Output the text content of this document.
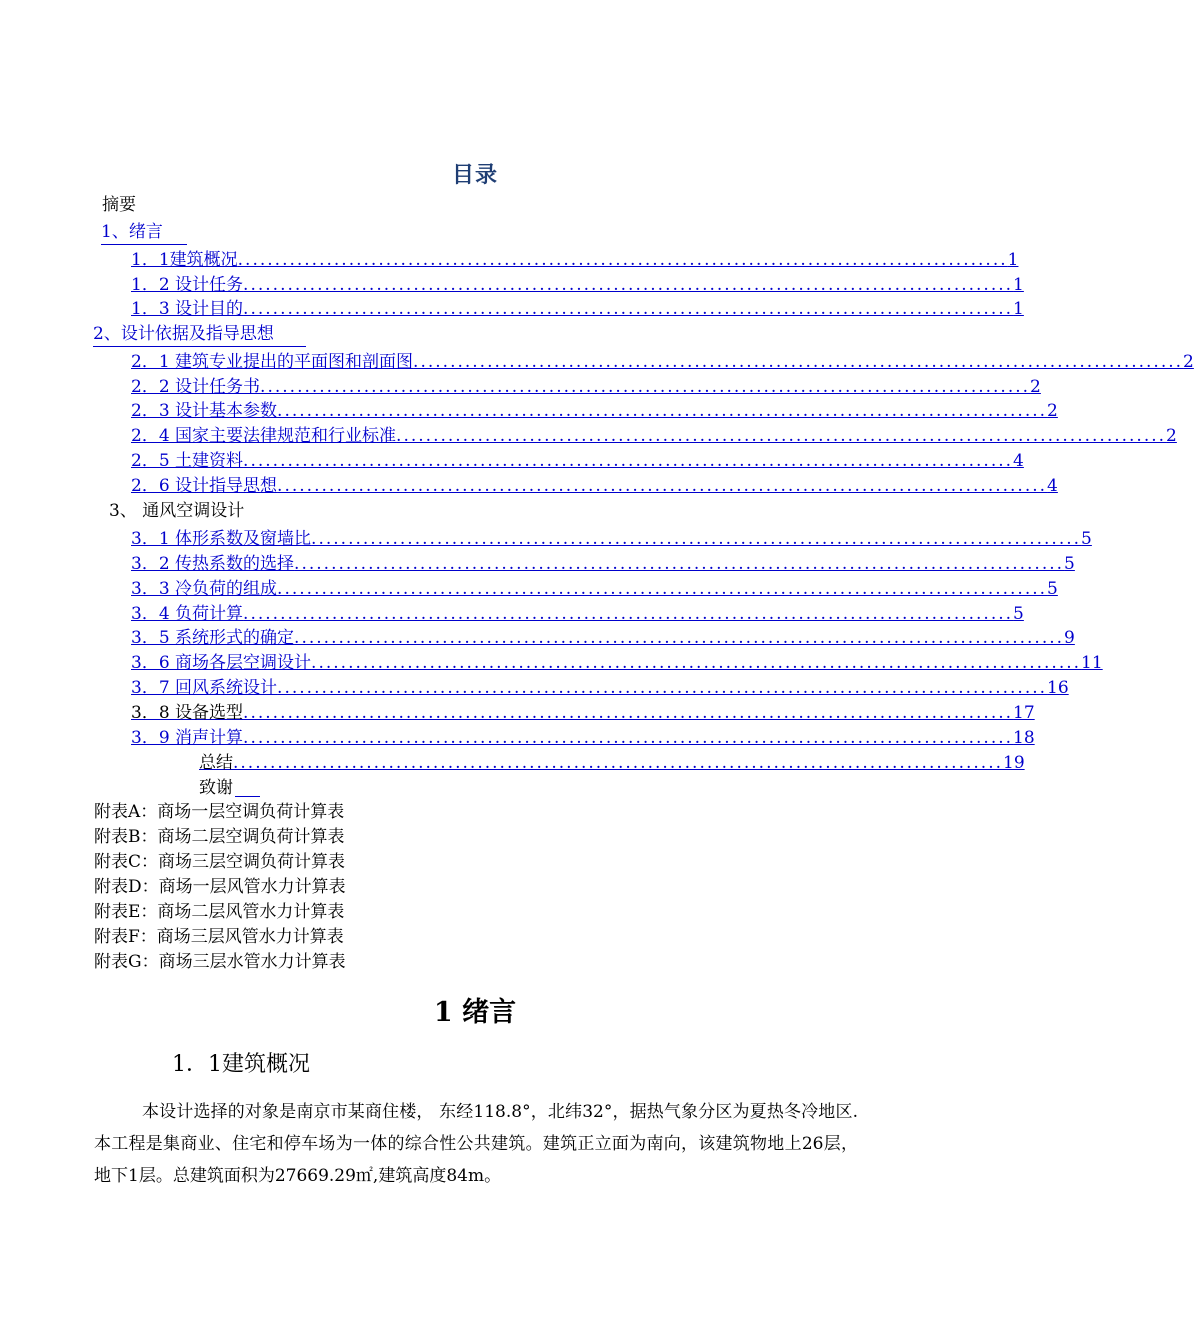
目录
摘要
1、绪言
1．1建筑概况 ........................................................................................................ 1
1．2 设计任务 ........................................................................................................ 1
1．3 设计目的 ........................................................................................................ 1
2、设计依据及指导思想
2．1 建筑专业提出的平面图和剖面图 ........................................................................................................ 2
2．2 设计任务书 ........................................................................................................ 2
2．3 设计基本参数 ........................................................................................................ 2
2．4 国家主要法律规范和行业标准 ........................................................................................................ 2
2．5 土建资料 ........................................................................................................ 4
2．6 设计指导思想 ........................................................................................................ 4
3、 通风空调设计
3．1 体形系数及窗墙比 ........................................................................................................ 5
3．2 传热系数的选择 ........................................................................................................ 5
3．3 冷负荷的组成 ........................................................................................................ 5
3．4 负荷计算 ........................................................................................................ 5
3．5 系统形式的确定 ........................................................................................................ 9
3．6 商场各层空调设计 ........................................................................................................ 11
3．7 回风系统设计 ........................................................................................................ 16
3．8 设备选型 ........................................................................................................ 17
3．9 消声计算 ........................................................................................................ 18
总结 ........................................................................................................ 19
致谢
附表A：商场一层空调负荷计算表
附表B：商场二层空调负荷计算表
附表C：商场三层空调负荷计算表
附表D：商场一层风管水力计算表
附表E：商场二层风管水力计算表
附表F：商场三层风管水力计算表
附表G：商场三层水管水力计算表
1 绪言
1．1建筑概况
本设计选择的对象是南京市某商住楼， 东经118.8°，北纬32°，据热气象分区为夏热冬冷地区.本工程是集商业、住宅和停车场为一体的综合性公共建筑。建筑正立面为南向，该建筑物地上26层，地下1层。总建筑面积为27669.29㎡,建筑高度84m。
